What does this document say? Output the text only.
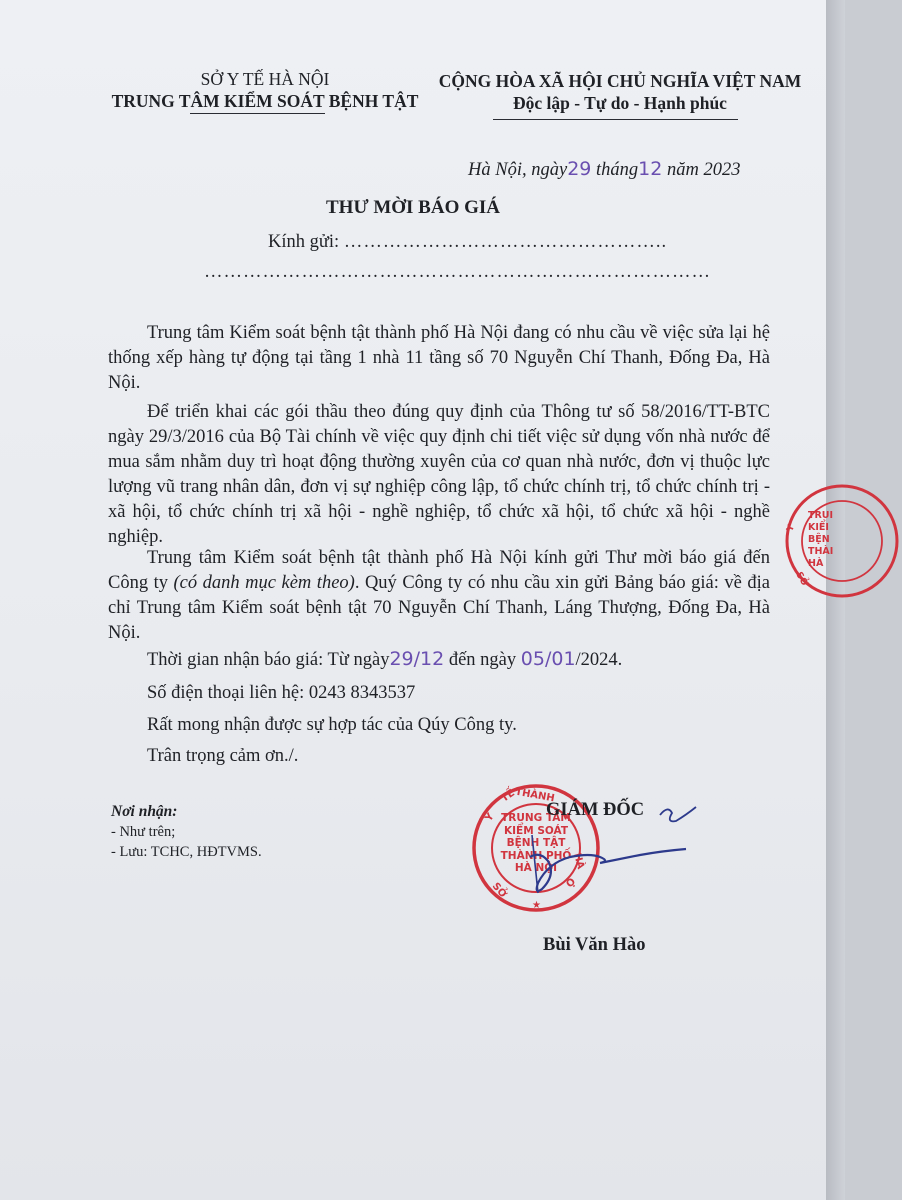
SỞ Y TẾ HÀ NỘI
TRUNG TÂM KIỂM SOÁT BỆNH TẬT
CỘNG HÒA XÃ HỘI CHỦ NGHĨA VIỆT NAM
Độc lập - Tự do - Hạnh phúc
Hà Nội, ngày29 tháng12 năm 2023
THƯ MỜI BÁO GIÁ
Kính gửi: …………………………………………..
……………………………………………………………………
Trung tâm Kiểm soát bệnh tật thành phố Hà Nội đang có nhu cầu về việc sửa lại hệ thống xếp hàng tự động tại tầng 1 nhà 11 tầng số 70 Nguyễn Chí Thanh, Đống Đa, Hà Nội.
Để triển khai các gói thầu theo đúng quy định của Thông tư số 58/2016/TT-BTC ngày 29/3/2016 của Bộ Tài chính về việc quy định chi tiết việc sử dụng vốn nhà nước để mua sắm nhằm duy trì hoạt động thường xuyên của cơ quan nhà nước, đơn vị thuộc lực lượng vũ trang nhân dân, đơn vị sự nghiệp công lập, tổ chức chính trị, tổ chức chính trị - xã hội, tổ chức chính trị xã hội - nghề nghiệp, tổ chức xã hội, tổ chức xã hội - nghề nghiệp.
Trung tâm Kiểm soát bệnh tật thành phố Hà Nội kính gửi Thư mời báo giá đến Công ty (có danh mục kèm theo). Quý Công ty có nhu cầu xin gửi Bảng báo giá: về địa chỉ Trung tâm Kiểm soát bệnh tật 70 Nguyễn Chí Thanh, Láng Thượng, Đống Đa, Hà Nội.
Thời gian nhận báo giá: Từ ngày29/12 đến ngày 05/01/2024.
Số điện thoại liên hệ: 0243 8343537
Rất mong nhận được sự hợp tác của Qúy Công ty.
Trân trọng cảm ơn./.
Nơi nhận:
- Như trên;
- Lưu: TCHC, HĐTVMS.
Y
TẾ
HÀ
SỞ	Ộ
★
THÀNH
TRUNG TÂM
KIỂM SOÁT
BỆNH TẬT
THÀNH PHỐ
HÀ NỘI
GIÁM ĐỐC
Bùi Văn Hào
Y
SỞ
TRUI
KIỂI
BỆN
THÀI
HÀ
